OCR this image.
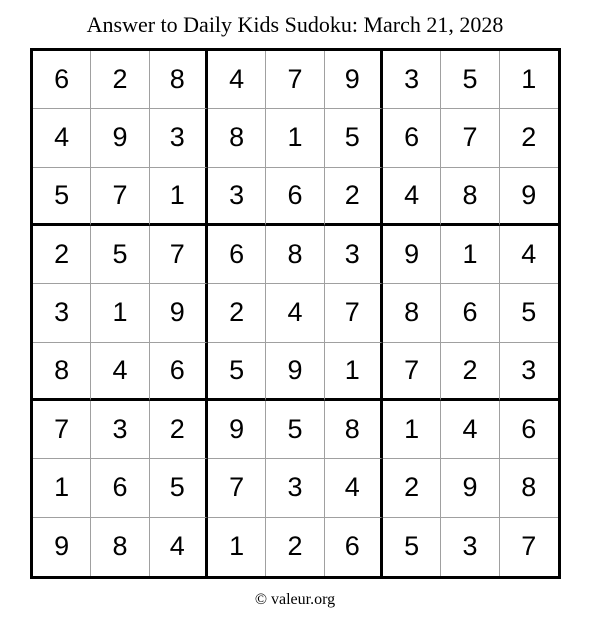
Answer to Daily Kids Sudoku: March 21, 2028
6	2	8	4	7	9	3	5	1
4	9	3	8	1	5	6	7	2
5	7	1	3	6	2	4	8	9
2	5	7	6	8	3	9	1	4
3	1	9	2	4	7	8	6	5
8	4	6	5	9	1	7	2	3
7	3	2	9	5	8	1	4	6
1	6	5	7	3	4	2	9	8
9	8	4	1	2	6	5	3	7
© valeur.org
